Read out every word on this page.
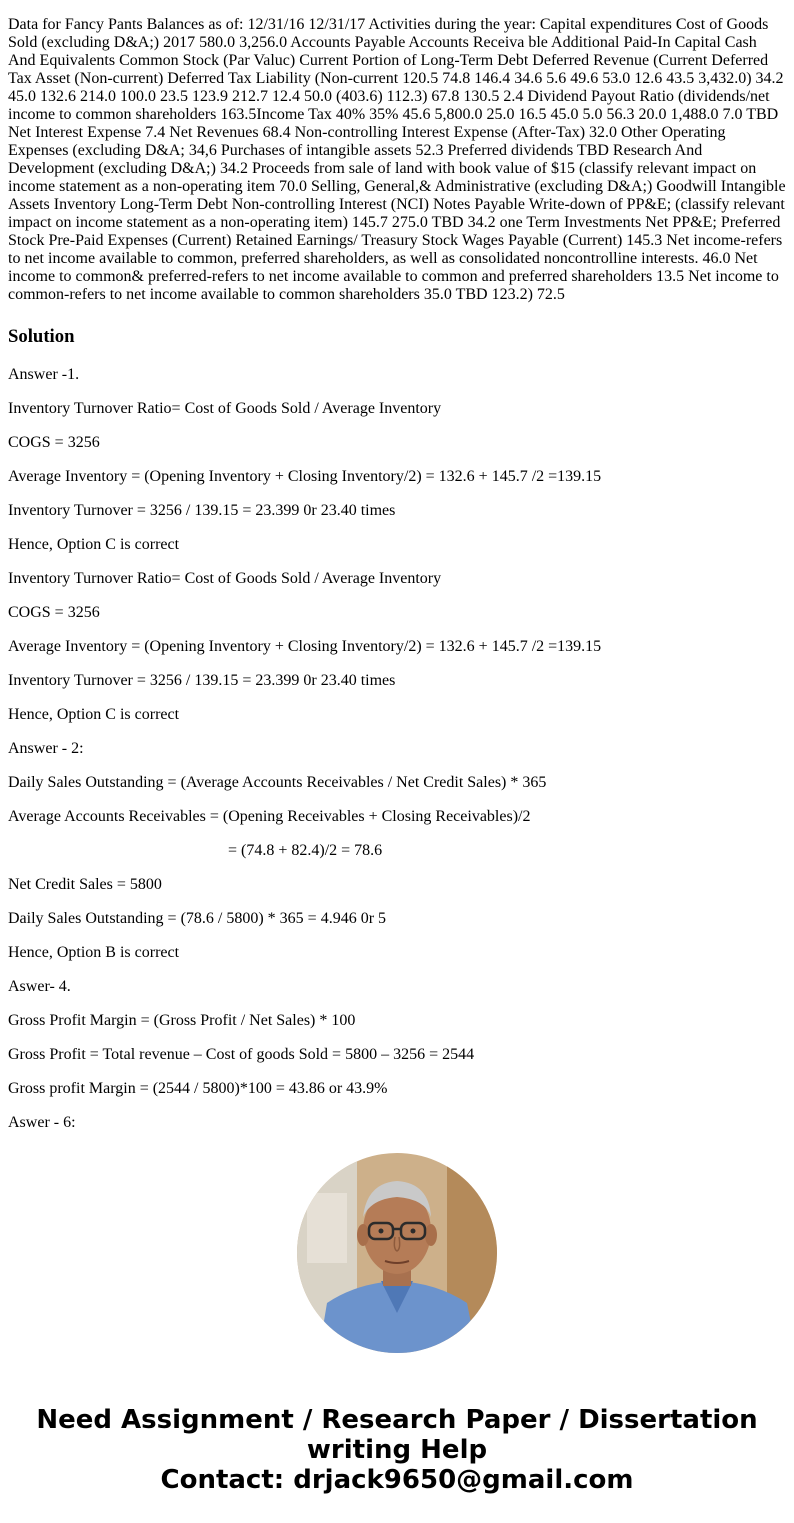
Data for Fancy Pants Balances as of: 12/31/16 12/31/17 Activities during the year: Capital expenditures Cost of Goods Sold (excluding D&A;) 2017 580.0 3,256.0 Accounts Payable Accounts Receiva ble Additional Paid-In Capital Cash And Equivalents Common Stock (Par Valuc) Current Portion of Long-Term Debt Deferred Revenue (Current Deferred Tax Asset (Non-current) Deferred Tax Liability (Non-current 120.5 74.8 146.4 34.6 5.6 49.6 53.0 12.6 43.5 3,432.0) 34.2 45.0 132.6 214.0 100.0 23.5 123.9 212.7 12.4 50.0 (403.6) 112.3) 67.8 130.5 2.4 Dividend Payout Ratio (dividends/net income to common shareholders 163.5Income Tax 40% 35% 45.6 5,800.0 25.0 16.5 45.0 5.0 56.3 20.0 1,488.0 7.0 TBD Net Interest Expense 7.4 Net Revenues 68.4 Non-controlling Interest Expense (After-Tax) 32.0 Other Operating Expenses (excluding D&A; 34,6 Purchases of intangible assets 52.3 Preferred dividends TBD Research And Development (excluding D&A;) 34.2 Proceeds from sale of land with book value of $15 (classify relevant impact on income statement as a non-operating item 70.0 Selling, General,& Administrative (excluding D&A;) Goodwill Intangible Assets Inventory Long-Term Debt Non-controlling Interest (NCI) Notes Payable Write-down of PP&E; (classify relevant impact on income statement as a non-operating item) 145.7 275.0 TBD 34.2 one Term Investments Net PP&E; Preferred Stock Pre-Paid Expenses (Current) Retained Earnings/ Treasury Stock Wages Payable (Current) 145.3 Net income-refers to net income available to common, preferred shareholders, as well as consolidated noncontrolline interests. 46.0 Net income to common& preferred-refers to net income available to common and preferred shareholders 13.5 Net income to common-refers to net income available to common shareholders 35.0 TBD 123.2) 72.5

Solution

Answer -1.

Inventory Turnover Ratio= Cost of Goods Sold / Average Inventory

COGS = 3256

Average Inventory = (Opening Inventory + Closing Inventory/2) = 132.6 + 145.7 /2 =139.15

Inventory Turnover = 3256 / 139.15 = 23.399 0r 23.40 times

Hence, Option C is correct

Inventory Turnover Ratio= Cost of Goods Sold / Average Inventory

COGS = 3256

Average Inventory = (Opening Inventory + Closing Inventory/2) = 132.6 + 145.7 /2 =139.15

Inventory Turnover = 3256 / 139.15 = 23.399 0r 23.40 times

Hence, Option C is correct

Answer - 2:

Daily Sales Outstanding = (Average Accounts Receivables / Net Credit Sales) * 365

Average Accounts Receivables = (Opening Receivables + Closing Receivables)/2

= (74.8 + 82.4)/2 = 78.6

Net Credit Sales = 5800

Daily Sales Outstanding = (78.6 / 5800) * 365 = 4.946 0r 5

Hence, Option B is correct

Aswer- 4.

Gross Profit Margin = (Gross Profit / Net Sales) * 100

Gross Profit = Total revenue – Cost of goods Sold = 5800 – 3256 = 2544

Gross profit Margin = (2544 / 5800)*100 = 43.86 or 43.9%

Aswer - 6:

Need Assignment / Research Paper / Dissertation
writing Help
Contact: drjack9650@gmail.com
